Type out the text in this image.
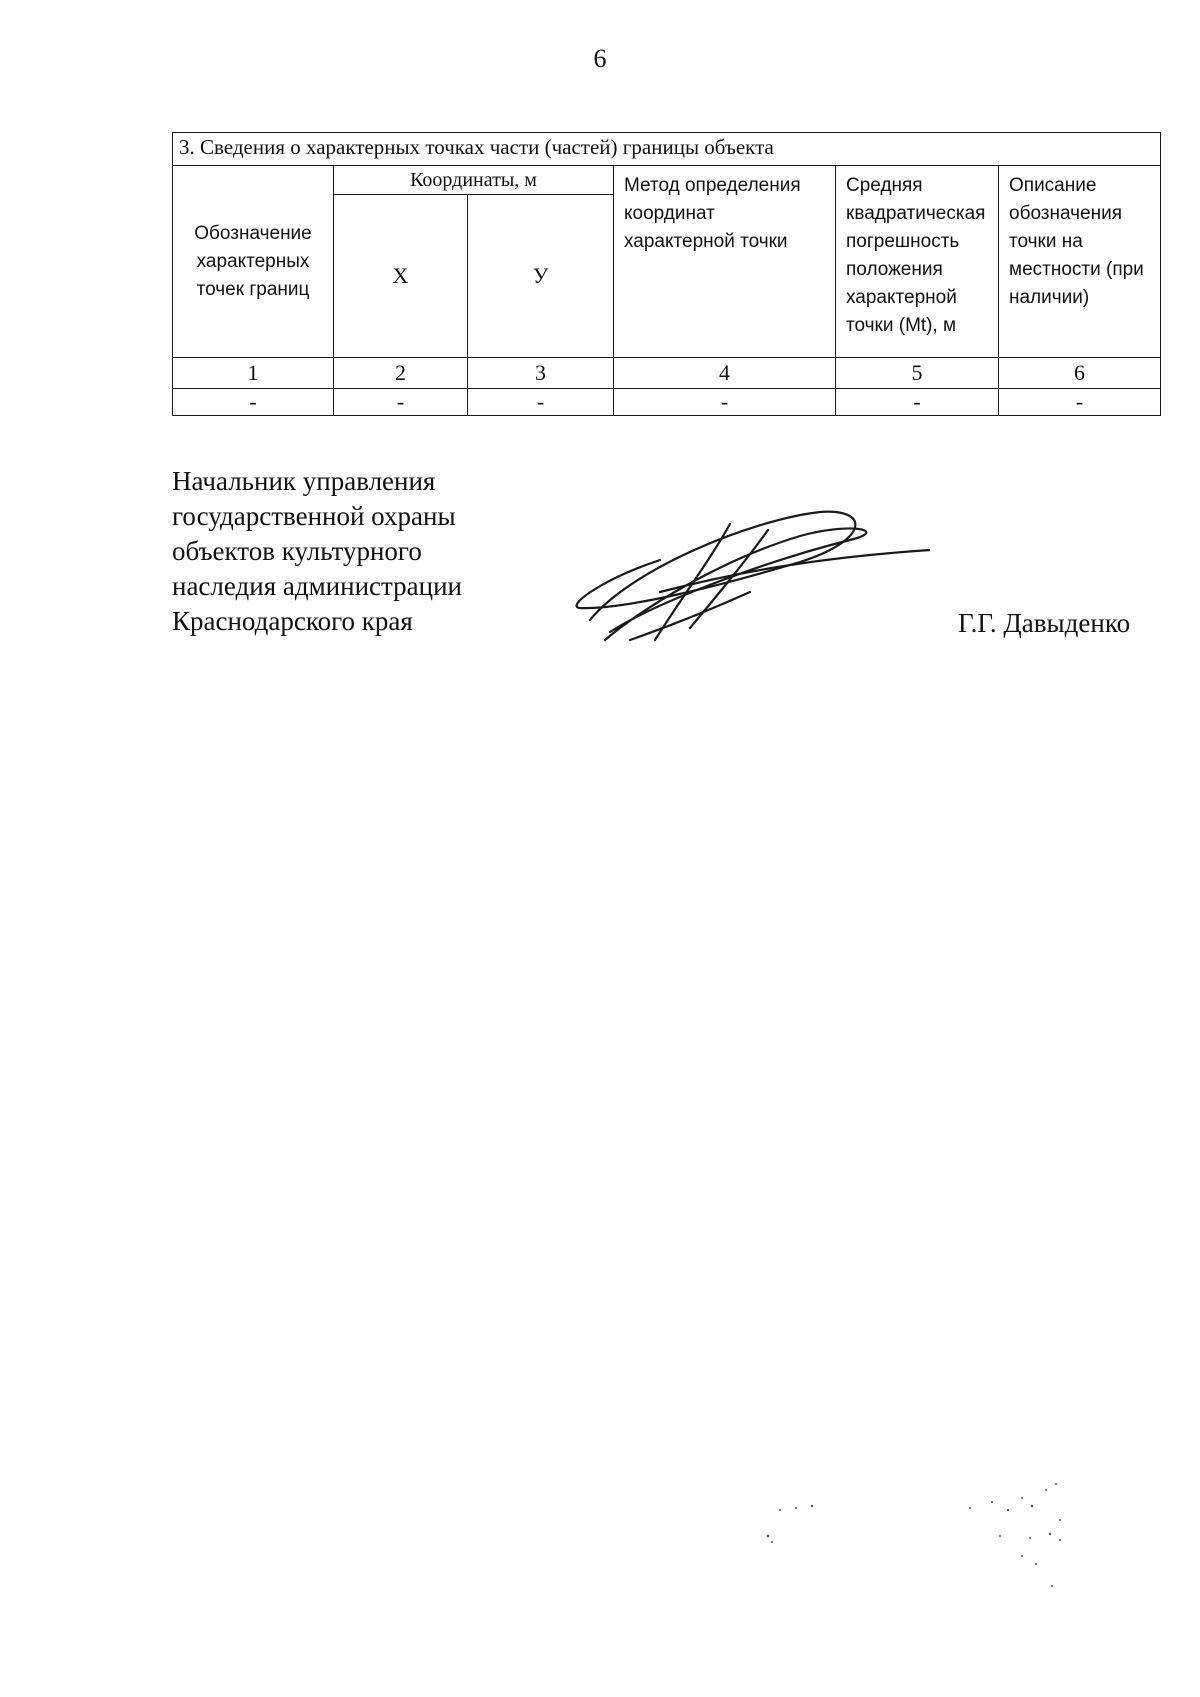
6
3. Сведения о характерных точках части (частей) границы объекта					
Обозначение характерных точек границ	Координаты, м		Метод определения координат характерной точки	Средняя квадратическая погрешность положения характерной точки (Mt), м	Описание обозначения точки на местности (при наличии)
	Х	У			
1	2	3	4	5	6
-	-	-	-	-	-
Начальник управления
государственной охраны
объектов культурного
наследия администрации
Краснодарского края	Г.Г. Давыденко
